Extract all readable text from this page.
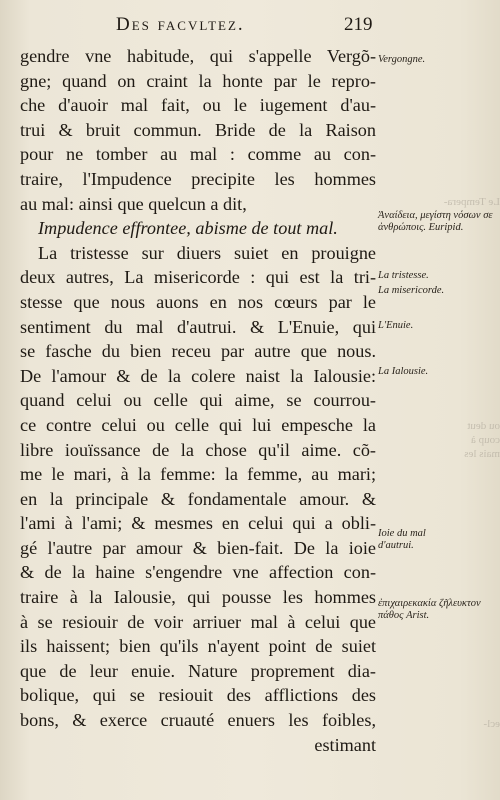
Des facvltez.	219
gendre vne habitude, qui s'appelle Vergõ-
gne; quand on craint la honte par le repro-
che d'auoir mal fait, ou le iugement d'au-
trui & bruit commun. Bride de la Raison
pour ne tomber au mal : comme au con-
traire, l'Impudence precipite les hommes
au mal: ainsi que quelcun a dit,
Impudence effrontee, abisme de tout mal.
La tristesse sur diuers suiet en prouigne
deux autres, La misericorde : qui est la tri-
stesse que nous auons en nos cœurs par le
sentiment du mal d'autrui. & L'Enuie, qui
se fasche du bien receu par autre que nous.
De l'amour & de la colere naist la Ialousie:
quand celui ou celle qui aime, se courrou-
ce contre celui ou celle qui lui empesche la
libre iouïssance de la chose qu'il aime. cõ-
me le mari, à la femme: la femme, au mari;
en la principale & fondamentale amour. &
l'ami à l'ami; & mesmes en celui qui a obli-
gé l'autre par amour & bien-fait. De la ioie
& de la haine s'engendre vne affection con-
traire à la Ialousie, qui pousse les hommes
à se resiouir de voir arriuer mal à celui que
ils haissent; bien qu'ils n'ayent point de suiet
que de leur enuie. Nature proprement dia-
bolique, qui se resiouit des afflictions des
bons, & exerce cruauté enuers les foibles,
estimant
Vergongne.
Ἀναίδεια, μεγίστη νόσων σε ἀνθρώποις. Euripid.
La tristesse.
La misericorde.
L'Enuie.
La Ialousie.
Ioie du mal d'autrui.
ἐπιχαιρεκακία ζῆλευκτον πάθος Arist.
Le Tempera-
ou deut
coup à
mais les
ecl-
